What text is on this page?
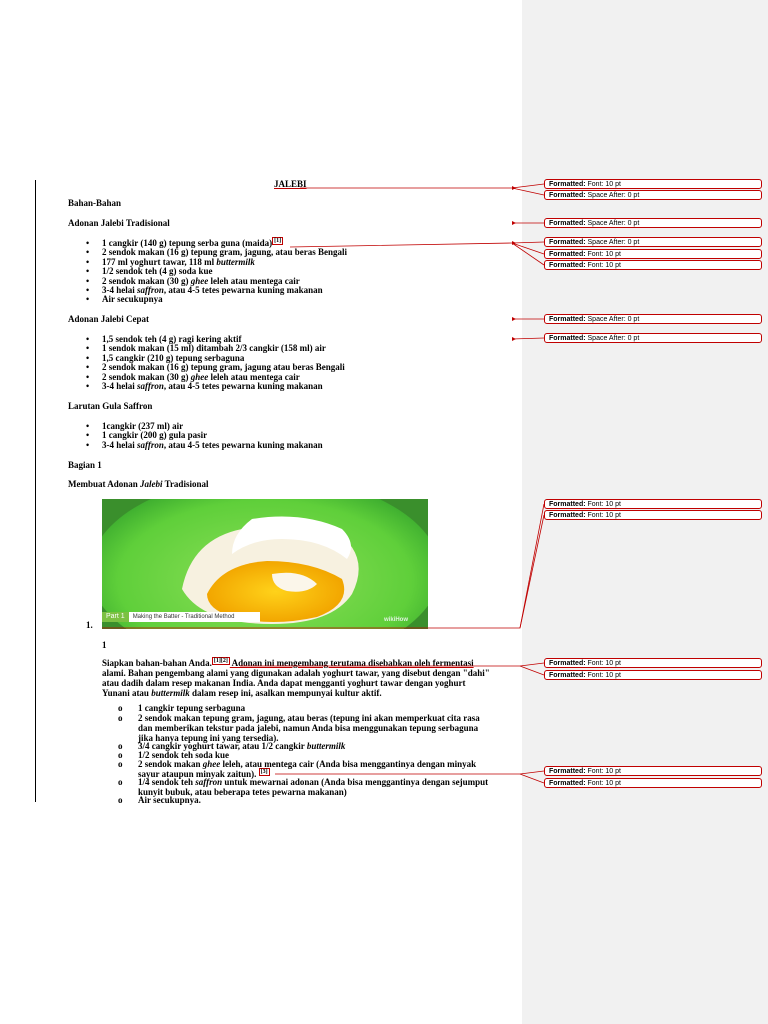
JALEBI
Bahan-Bahan
Adonan Jalebi Tradisional
• 1 cangkir (140 g) tepung serba guna (maida) [1]
• 2 sendok makan (16 g) tepung gram, jagung, atau beras Bengali
• 177 ml yoghurt tawar, 118 ml buttermilk
• 1/2 sendok teh (4 g) soda kue
• 2 sendok makan (30 g) ghee leleh atau mentega cair
• 3-4 helai saffron, atau 4-5 tetes pewarna kuning makanan
• Air secukupnya
Adonan Jalebi Cepat
• 1,5 sendok teh (4 g) ragi kering aktif
• 1 sendok makan (15 ml) ditambah 2/3 cangkir (158 ml) air
• 1,5 cangkir (210 g) tepung serbaguna
• 2 sendok makan (16 g) tepung gram, jagung atau beras Bengali
• 2 sendok makan (30 g) ghee leleh atau mentega cair
• 3-4 helai saffron, atau 4-5 tetes pewarna kuning makanan
Larutan Gula Saffron
• 1cangkir (237 ml) air
• 1 cangkir (200 g) gula pasir
• 3-4 helai saffron, atau 4-5 tetes pewarna kuning makanan
Bagian 1
Membuat Adonan Jalebi Tradisional
Part 1	Making the Batter - Traditional Method	wikiHow
1.
1
Siapkan bahan-bahan Anda. [1][2] Adonan ini mengembang terutama disebabkan oleh fermentasi
alami. Bahan pengembang alami yang digunakan adalah yoghurt tawar, yang disebut dengan "dahi"
atau dadih dalam resep makanan India. Anda dapat mengganti yoghurt tawar dengan yoghurt
Yunani atau buttermilk dalam resep ini, asalkan mempunyai kultur aktif.
o 1 cangkir tepung serbaguna
o 2 sendok makan tepung gram, jagung, atau beras (tepung ini akan memperkuat cita rasa
dan memberikan tekstur pada jalebi, namun Anda bisa menggunakan tepung serbaguna
jika hanya tepung ini yang tersedia).
o 3/4 cangkir yoghurt tawar, atau 1/2 cangkir buttermilk
o 1/2 sendok teh soda kue
o 2 sendok makan ghee leleh, atau mentega cair (Anda bisa menggantinya dengan minyak
sayur ataupun minyak zaitun). [3]
o 1/4 sendok teh saffron untuk mewarnai adonan (Anda bisa menggantinya dengan sejumput
kunyit bubuk, atau beberapa tetes pewarna makanan)
o Air secukupnya.
Formatted: Font: 10 pt
Formatted: Space After: 0 pt
Formatted: Space After: 0 pt
Formatted: Space After: 0 pt
Formatted: Font: 10 pt
Formatted: Font: 10 pt
Formatted: Space After: 0 pt
Formatted: Space After: 0 pt
Formatted: Font: 10 pt
Formatted: Font: 10 pt
Formatted: Font: 10 pt
Formatted: Font: 10 pt
Formatted: Font: 10 pt
Formatted: Font: 10 pt
